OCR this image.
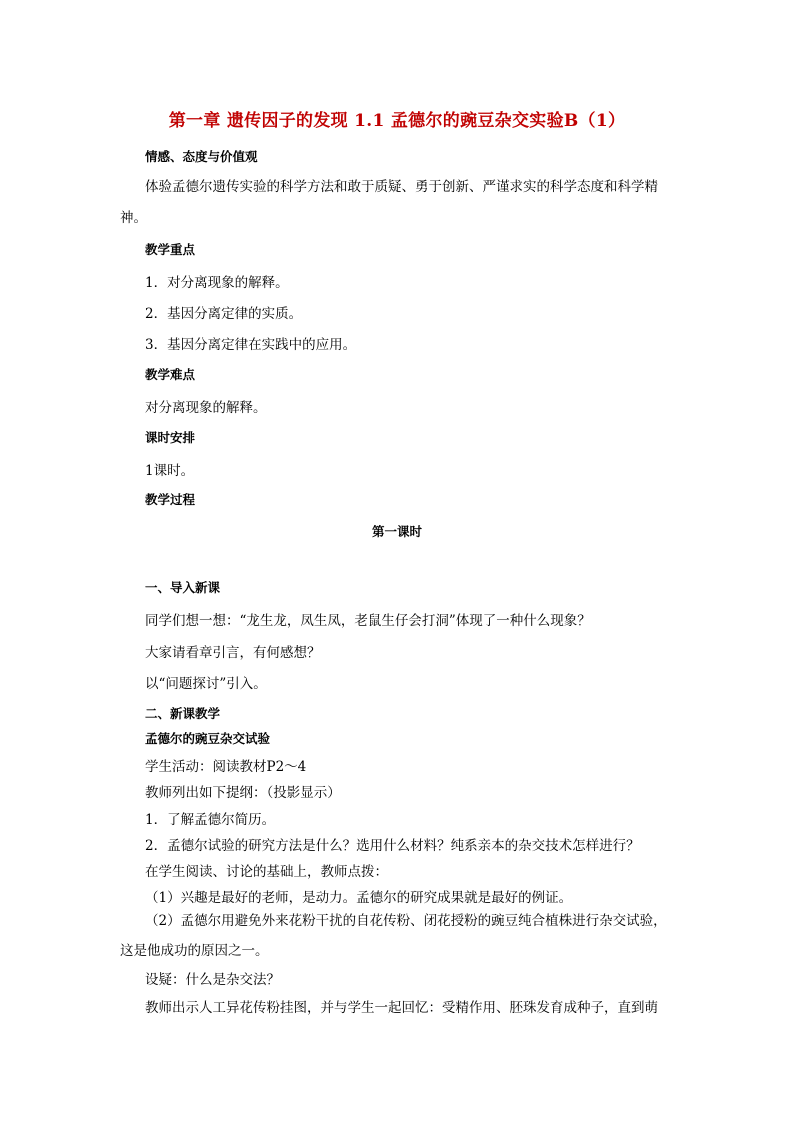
第一章 遗传因子的发现 1.1 孟德尔的豌豆杂交实验B（1）
情感、态度与价值观
体验孟德尔遗传实验的科学方法和敢于质疑、勇于创新、严谨求实的科学态度和科学精神。
教学重点
1．对分离现象的解释。
2．基因分离定律的实质。
3．基因分离定律在实践中的应用。
教学难点
对分离现象的解释。
课时安排
1课时。
教学过程
第一课时
一、导入新课
同学们想一想：“龙生龙，凤生凤，老鼠生仔会打洞”体现了一种什么现象？
大家请看章引言，有何感想？
以“问题探讨”引入。
二、新课教学
孟德尔的豌豆杂交试验
学生活动：阅读教材P2～4
教师列出如下提纲：（投影显示）
1．了解孟德尔简历。
2．孟德尔试验的研究方法是什么？选用什么材料？纯系亲本的杂交技术怎样进行？
在学生阅读、讨论的基础上，教师点拨：
（1）兴趣是最好的老师，是动力。孟德尔的研究成果就是最好的例证。
（2）孟德尔用避免外来花粉干扰的自花传粉、闭花授粉的豌豆纯合植株进行杂交试验，这是他成功的原因之一。
设疑：什么是杂交法？
教师出示人工异花传粉挂图，并与学生一起回忆：受精作用、胚珠发育成种子，直到萌
